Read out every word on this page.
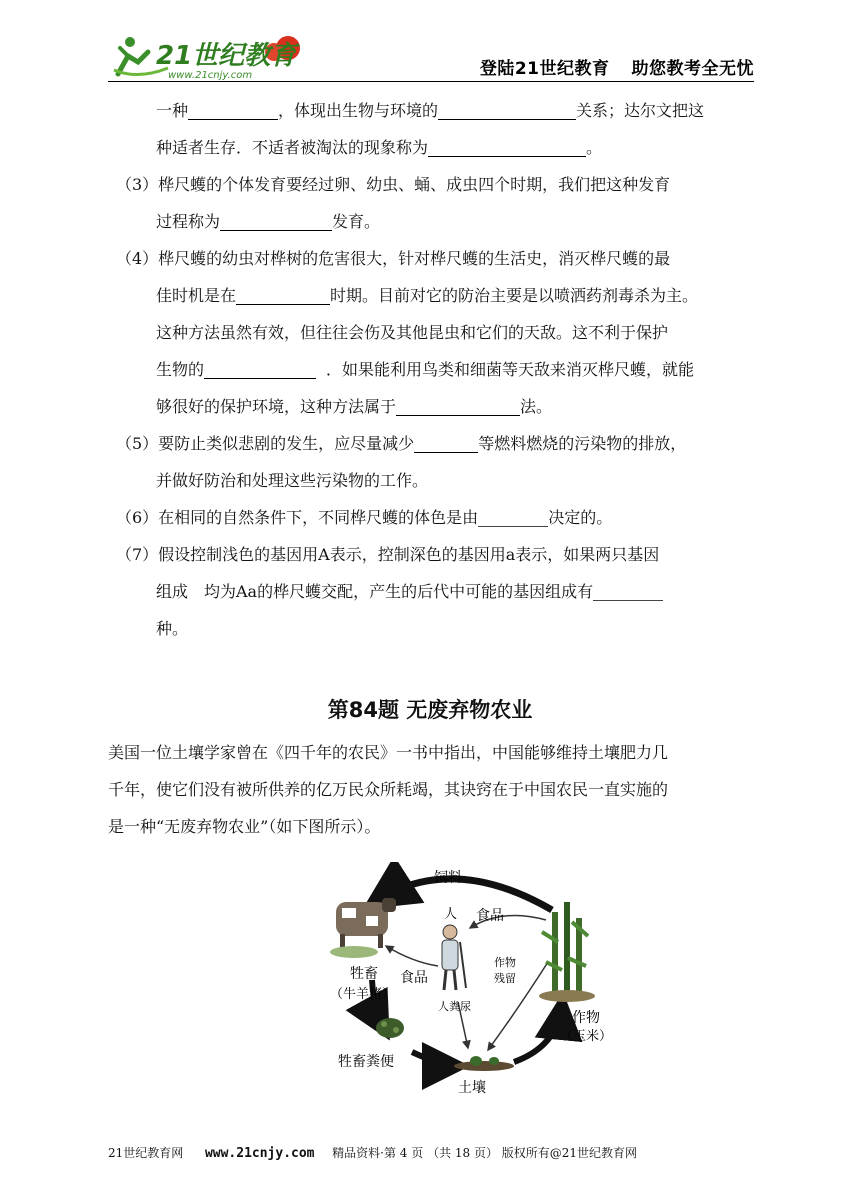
21世纪教育
www.21cnjy.com	登陆21世纪教育 助您教考全无忧
一种	，体现出生物与环境的	关系；达尔文把这
种适者生存．不适者被淘汰的现象称为	。
（3）桦尺蠖的个体发育要经过卵、幼虫、蛹、成虫四个时期，我们把这种发育
过程称为	发育。
（4）桦尺蠖的幼虫对桦树的危害很大，针对桦尺蠖的生活史，消灭桦尺蠖的最
佳时机是在	时期。目前对它的防治主要是以喷洒药剂毒杀为主。
这种方法虽然有效，但往往会伤及其他昆虫和它们的天敌。这不利于保护
生物的	．如果能利用鸟类和细菌等天敌来消灭桦尺蠖，就能
够很好的保护环境，这种方法属于	法。
（5）要防止类似悲剧的发生，应尽量减少	等燃料燃烧的污染物的排放，
并做好防治和处理这些污染物的工作。
（6）在相同的自然条件下，不同桦尺蠖的体色是由	决定的。
（7）假设控制浅色的基因用A表示，控制深色的基因用a表示，如果两只基因
组成　均为Aa的桦尺蠖交配，产生的后代中可能的基因组成有
种。
第84题 无废弃物农业
美国一位土壤学家曾在《四千年的农民》一书中指出，中国能够维持土壤肥力几
千年，使它们没有被所供养的亿万民众所耗竭，其诀窍在于中国农民一直实施的
是一种“无废弃物农业”（如下图所示）。
饲料
食品
人
牲畜
（牛羊猪）
食品
作物
残留
人粪尿
作物
（玉米）
牲畜粪便
土壤
21世纪教育网 www.21cnjy.com 精品资料·第 4 页 （共 18 页） 版权所有@21世纪教育网
